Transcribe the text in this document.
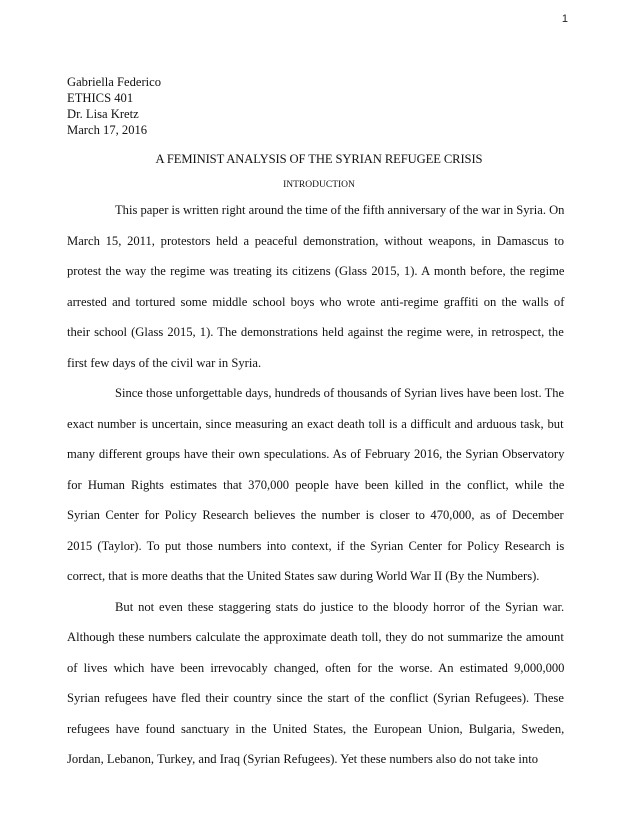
1
Gabriella Federico
ETHICS 401
Dr. Lisa Kretz
March 17, 2016
A FEMINIST ANALYSIS OF THE SYRIAN REFUGEE CRISIS
INTRODUCTION
This paper is written right around the time of the fifth anniversary of the war in Syria. On
March 15, 2011, protestors held a peaceful demonstration, without weapons, in Damascus to
protest the way the regime was treating its citizens (Glass 2015, 1). A month before, the regime
arrested and tortured some middle school boys who wrote anti-regime graffiti on the walls of
their school (Glass 2015, 1). The demonstrations held against the regime were, in retrospect, the
first few days of the civil war in Syria.
Since those unforgettable days, hundreds of thousands of Syrian lives have been lost. The
exact number is uncertain, since measuring an exact death toll is a difficult and arduous task, but
many different groups have their own speculations. As of February 2016, the Syrian Observatory
for Human Rights estimates that 370,000 people have been killed in the conflict, while the
Syrian Center for Policy Research believes the number is closer to 470,000, as of December
2015 (Taylor). To put those numbers into context, if the Syrian Center for Policy Research is
correct, that is more deaths that the United States saw during World War II (By the Numbers).
But not even these staggering stats do justice to the bloody horror of the Syrian war.
Although these numbers calculate the approximate death toll, they do not summarize the amount
of lives which have been irrevocably changed, often for the worse. An estimated 9,000,000
Syrian refugees have fled their country since the start of the conflict (Syrian Refugees). These
refugees have found sanctuary in the United States, the European Union, Bulgaria, Sweden,
Jordan, Lebanon, Turkey, and Iraq (Syrian Refugees). Yet these numbers also do not take into
